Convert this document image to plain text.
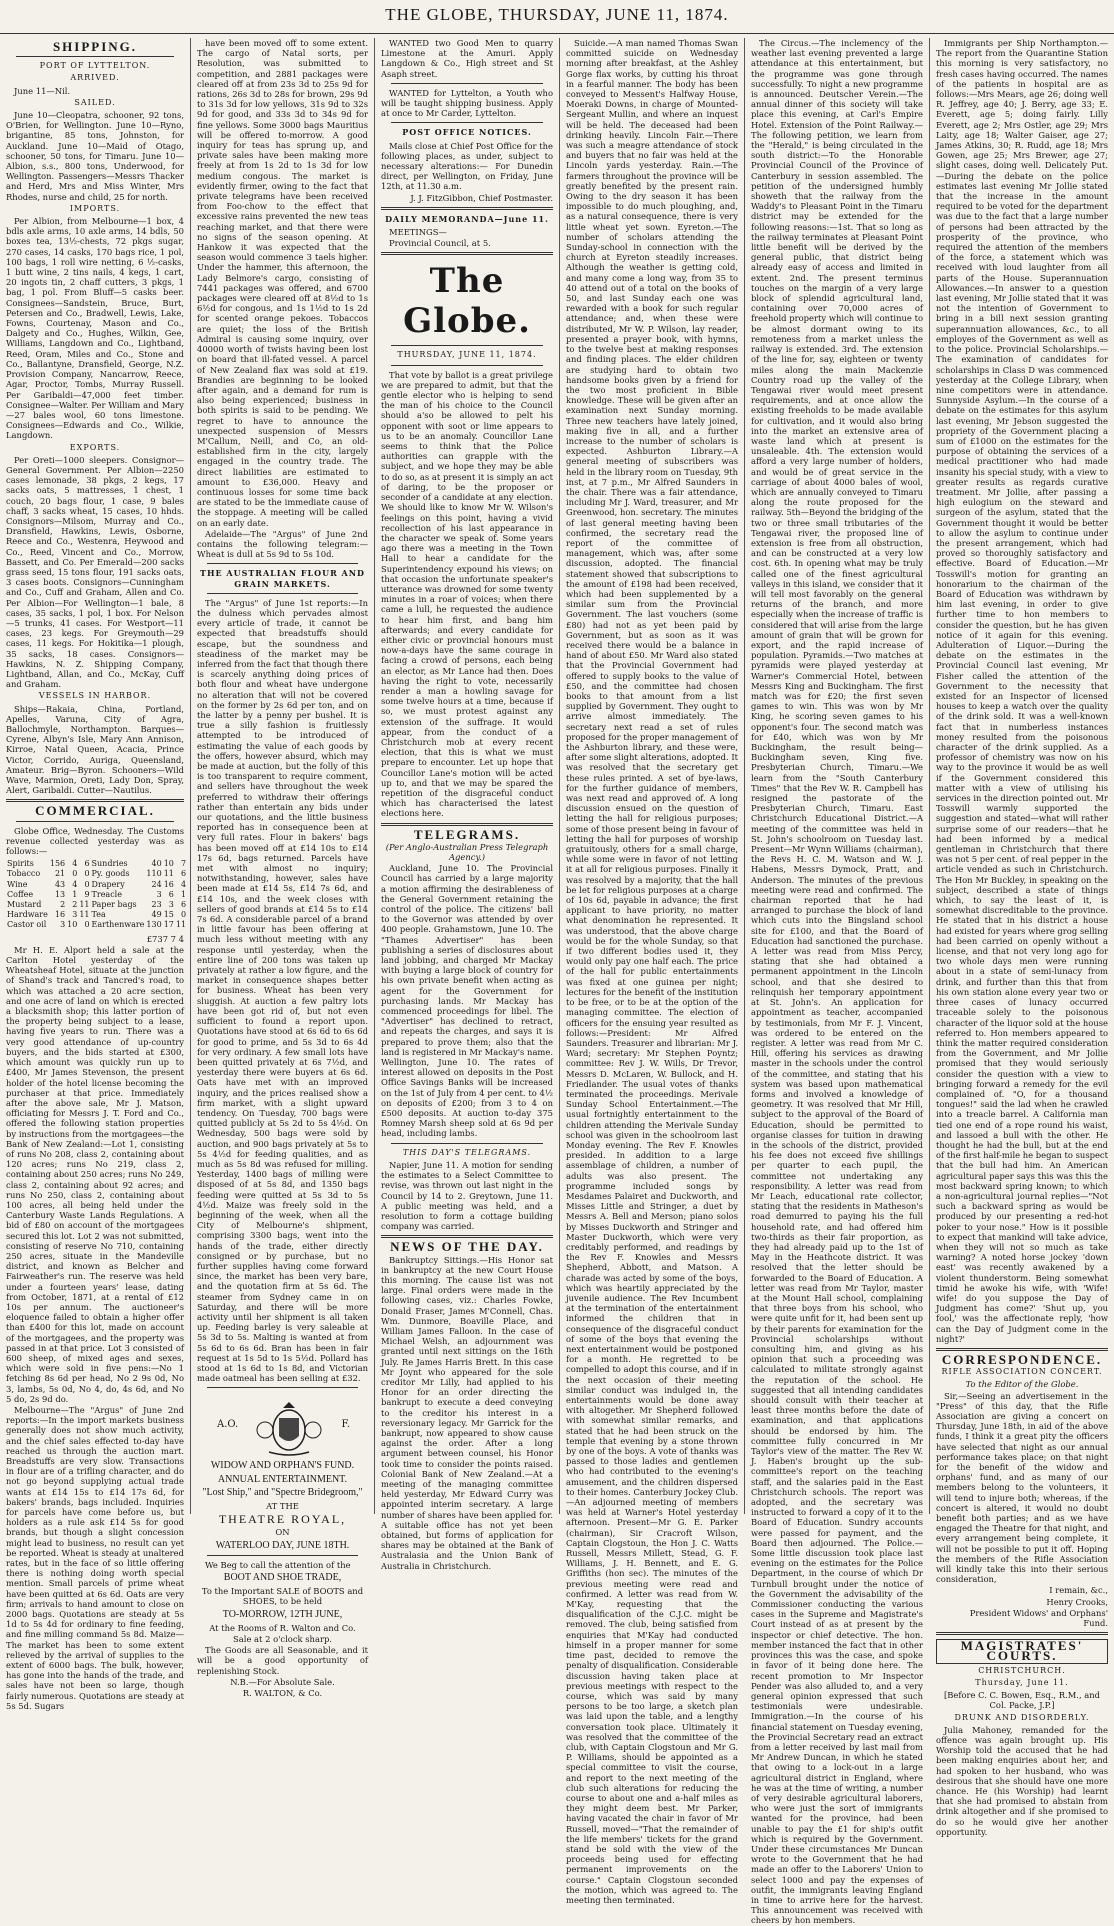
THE GLOBE, THURSDAY, JUNE 11, 1874.
SHIPPING.
PORT OF LYTTELTON.
ARRIVED.

June 11—Nil.

SAILED.

June 10—Cleopatra, schooner, 92 tons, O'Brien, for Wellington. June 10—Ryno, brigantine, 85 tons, Johnston, for Auckland. June 10—Maid of Otago, schooner, 50 tons, for Timaru. June 10—Albion, s.s., 800 tons, Underwood, for Wellington. Passengers—Messrs Thacker and Herd, Mrs and Miss Winter, Mrs Rhodes, nurse and child, 25 for north.

IMPORTS.

Per Albion, from Melbourne—1 box, 4 bdls axle arms, 10 axle arms, 14 bdls, 50 boxes tea, 13½-chests, 72 pkgs sugar, 270 cases, 14 casks, 170 bags rice, 1 pol, 100 bags, 1 roll wire netting, 6 ½-casks, 1 butt wine, 2 tins nails, 4 kegs, 1 cart, 20 ingots tin, 2 chaff cutters, 3 pkgs, 1 bag, 1 pol. From Bluff—5 casks beer. Consignees—Sandstein, Bruce, Burt, Petersen and Co., Bradwell, Lewis, Lake, Fowns, Courtenay, Mason and Co., Dalgety and Co., Hughes, Wilkin, Gee, Williams, Langdown and Co., Lightband, Reed, Oram, Miles and Co., Stone and Co., Ballantyne, Dransfield, George, N.Z. Provision Company, Nancarrow, Reece, Agar, Proctor, Tombs, Murray Russell. Per Garibaldi—47,000 feet timber. Consignee—Walter. Per William and Mary—27 bales wool, 60 tons limestone. Consignees—Edwards and Co., Wilkie, Langdown.

EXPORTS.

Per Oreti—1000 sleepers. Consignor—General Government. Per Albion—2250 cases lemonade, 38 pkgs, 2 kegs, 17 sacks oats, 5 mattresses, 1 chest, 1 couch, 20 bags flour, 1 case, 9 bales chaff, 3 sacks wheat, 15 cases, 10 hhds. Consignors—Milsom, Murray and Co., Dransfield, Hawkins, Lewis, Osborne, Reece and Co., Westenra, Heywood and Co., Reed, Vincent and Co., Morrow, Bassett, and Co. Per Emerald—200 sacks grass seed, 15 tons flour, 191 sacks oats, 3 cases boots. Consignors—Cunningham and Co., Cuff and Graham, Allen and Co. Per Albion—For Wellington—1 bale, 8 cases, 35 sacks, 1 pol, 1 box. For Nelson—5 trunks, 41 cases. For Westport—11 cases, 23 kegs. For Greymouth—29 cases, 11 kegs. For Hokitika—1 plough, 35 sacks, 18 cases. Consignors—Hawkins, N. Z. Shipping Company, Lightband, Allan, and Co., McKay, Cuff and Graham.

VESSELS IN HARBOR.

Ships—Rakaia, China, Portland, Apelles, Varuna, City of Agra, Ballochmyle, Northampton. Barques—Cyrene, Albyn's Isle, Mary Ann Annison, Kirroe, Natal Queen, Acacia, Prince Victor, Corrido, Auriga, Queensland, Amateur. Brig—Byron. Schooners—Wild Wave, Marmion, Oreti, Lady Don, Spray, Alert, Garibaldi. Cutter—Nautilus.

COMMERCIAL.

Globe Office, Wednesday. The Customs revenue collected yesterday was as follows:—

Spirits	156	4	6	Sundries	40	10	7
Tobacco	21	0	0	Py. goods	110	11	6
Wine	43	4	0	Drapery	24	16	4
Coffee	13	1	9	Treacle	3	6	1
Mustard	2	2	11	Paper bags	23	3	6
Hardware	16	3	11	Tea	49	15	0
Castor oil	3	10	0	Earthenware	130	17	11

£737 7 4

Mr H. E. Alport held a sale at the Carlton Hotel yesterday of the Wheatsheaf Hotel, situate at the junction of Shand's track and Tancred's road, to which was attached a 20 acre section, and one acre of land on which is erected a blacksmith shop; this latter portion of the property being subject to a lease, having five years to run. There was a very good attendance of up-country buyers, and the bids started at £300, which amount was quickly run up to £400, Mr James Stevenson, the present holder of the hotel license becoming the purchaser at that price. Immediately after the above sale, Mr J. Matson, officiating for Messrs J. T. Ford and Co., offered the following station properties by instructions from the mortgagees—the Bank of New Zealand:—Lot 1, consisting of runs No 208, class 2, containing about 120 acres; runs No 219, class 2, containing about 250 acres; runs No 249, class 2, containing about 92 acres; and runs No 250, class 2, containing about 100 acres, all being held under the Canterbury Waste Lands Regulations. A bid of £80 on account of the mortgagees secured this lot. Lot 2 was not submitted, consisting of reserve No 710, containing 250 acres, situate in the Mandeville district, and known as Belcher and Fairweather's run. The reserve was held under a fourteen years' lease, dating from October, 1871, at a rental of £12 10s per annum. The auctioneer's eloquence failed to obtain a higher offer than £400 for this lot, made on account of the mortgagees, and the property was passed in at that price. Lot 3 consisted of 600 sheep, of mixed ages and sexes, which were sold in five pens:—No 1 fetching 8s 6d per head, No 2 9s 0d, No 3, lambs, 5s 0d, No 4, do, 4s 6d, and No 5 do, 2s 9d do.

Melbourne—The "Argus" of June 2nd reports:—In the import markets business generally does not show much activity, and the chief sales effected to-day have reached us through the auction mart. Breadstuffs are very slow. Transactions in flour are of a trifling character, and do not go beyond supplying actual trade wants at £14 15s to £14 17s 6d, for bakers' brands, bags included. Inquiries for parcels have come before us, but holders as a rule ask £14 5s for good brands, but though a slight concession might lead to business, no result can yet be reported. Wheat is steady at unaltered rates, but in the face of so little offering there is nothing doing worth special mention. Small parcels of prime wheat have been quitted at 6s 6d. Oats are very firm; arrivals to hand amount to close on 2000 bags. Quotations are steady at 5s 1d to 5s 4d for ordinary to fine feeding, and fine milling command 5s 8d. Maize—The market has been to some extent relieved by the arrival of supplies to the extent of 6000 bags. The bulk, however, has gone into the hands of the trade, and sales have not been so large, though fairly numerous. Quotations are steady at 5s 5d. Sugars

have been moved off to some extent. The cargo of Natal sorts, per Resolution, was submitted to competition, and 2881 packages were cleared off at from 23s 3d to 25s 9d for rations, 26s 3d to 28s for brown, 29s 9d to 31s 3d for low yellows, 31s 9d to 32s 9d for good, and 33s 3d to 34s 9d for fine yellows. Some 3000 bags Mauritius will be offered to-morrow. A good inquiry for teas has sprung up, and private sales have been making more freely at from 1s 2d to 1s 3d for low medium congous. The market is evidently firmer, owing to the fact that private telegrams have been received from Foo-chow to the effect that excessive rains prevented the new teas reaching market, and that there were no signs of the season opening. At Hankow it was expected that the season would commence 3 taels higher. Under the hammer, this afternoon, the Lady Belmore's cargo, consisting of 7441 packages was offered, and 6700 packages were cleared off at 8½d to 1s 6½d for congous, and 1s 1½d to 1s 2d for scented orange pekoes. Tobaccos are quiet; the loss of the British Admiral is causing some inquiry, over 40000 worth of twists having been lost on board that ill-fated vessel. A parcel of New Zealand flax was sold at £19. Brandies are beginning to be looked after again, and a demand for rum is also being experienced; business in both spirits is said to be pending. We regret to have to announce the unexpected suspension of Messrs M'Callum, Neill, and Co, an old-established firm in the city, largely engaged in the country trade. The direct liabilities are estimated to amount to £36,000. Heavy and continuous losses for some time back are stated to be the immediate cause of the stoppage. A meeting will be called on an early date.

Adelaide—The "Argus" of June 2nd contains the following telegram:—Wheat is dull at 5s 9d to 5s 10d.

THE AUSTRALIAN FLOUR AND GRAIN MARKETS.

The "Argus" of June 1st reports:—In the dulness which pervades almost every article of trade, it cannot be expected that breadstuffs should escape, but the soundness and steadiness of the market may be inferred from the fact that though there is scarcely anything doing prices of both flour and wheat have undergone no alteration that will not be covered on the former by 2s 6d per ton, and on the latter by a penny per bushel. It is true a silly fashion is fruitlessly attempted to be introduced of estimating the value of each goods by the offers, however absurd, which may be made at auction, but the folly of this is too transparent to require comment, and sellers have throughout the week preferred to withdraw their offerings rather than entertain any bids under our quotations, and the little business reported has in consequence been at very full rates. Flour in bakers' bags has been moved off at £14 10s to £14 17s 6d, bags returned. Parcels have met with almost no inquiry; notwithstanding, however, sales have been made at £14 5s, £14 7s 6d, and £14 10s, and the week closes with sellers of good brands at £14 5s to £14 7s 6d. A considerable parcel of a brand in little favour has been offering at much less without meeting with any response until yesterday, when the entire line of 200 tons was taken up privately at rather a low figure, and the market in consequence shapes better for business. Wheat has been very sluggish. At auction a few paltry lots have been got rid of, but not even sufficient to found a report upon. Quotations have stood at 6s 6d to 6s 6d for good to prime, and 5s 3d to 6s 4d for very ordinary. A few small lots have been quitted privately at 6s 7½d, and yesterday there were buyers at 6s 6d. Oats have met with an improved inquiry, and the prices realised show a firm market, with a slight upward tendency. On Tuesday, 700 bags were quitted publicly at 5s 2d to 5s 4½d. On Wednesday, 500 bags were sold by auction, and 900 bags privately at 5s to 5s 4½d for feeding qualities, and as much as 5s 8d was refused for milling. Yesterday, 1400 bags of milling were disposed of at 5s 8d, and 1350 bags feeding were quitted at 5s 3d to 5s 4½d. Maize was freely sold in the beginning of the week, when all the City of Melbourne's shipment, comprising 3300 bags, went into the hands of the trade, either directly consigned or by purchase, but no further supplies having come forward since, the market has been very bare, and the quotation firm at 5s 6d. The steamer from Sydney came in on Saturday, and there will be more activity until her shipment is all taken up. Feeding barley is very saleable at 5s 3d to 5s. Malting is wanted at from 5s 6d to 6s 6d. Bran has been in fair request at 1s 5d to 1s 5½d. Pollard has stood at 1s 6d to 1s 8d, and Victorian made oatmeal has been selling at £32.

A.O.	F.

WIDOW AND ORPHAN'S FUND.

ANNUAL ENTERTAINMENT.

"Lost Ship," and "Spectre Bridegroom,"

AT THE

THEATRE ROYAL,

ON

WATERLOO DAY, JUNE 18TH.

We Beg to call the attention of the

BOOT AND SHOE TRADE,

To the Important SALE of BOOTS and SHOES, to be held

TO-MORROW, 12TH JUNE,

At the Rooms of R. Walton and Co.

Sale at 2 o'clock sharp.

The Goods are all Seasonable, and it will be a good opportunity of replenishing Stock.

N.B.—For Absolute Sale.

R. WALTON, & Co.

WANTED two Good Men to quarry Limestone at the Amuri. Apply Langdown & Co., High street and St Asaph street.

WANTED for Lyttelton, a Youth who will be taught shipping business. Apply at once to Mr Carder, Lyttelton.

POST OFFICE NOTICES.

Mails close at Chief Post Office for the following places, as under, subject to necessary alterations:— For Dunedin direct, per Wellington, on Friday, June 12th, at 11.30 a.m.

J. J. FitzGibbon, Chief Postmaster.

DAILY MEMORANDA—June 11.

MEETINGS—

Provincial Council, at 5.

The Globe.
THURSDAY, JUNE 11, 1874.

That vote by ballot is a great privilege we are prepared to admit, but that the gentle elector who is helping to send the man of his choice to the Council should a'so be allowed to pelt his opponent with soot or lime appears to us to be an anomaly. Councillor Lane seems to think that the Police authorities can grapple with the subject, and we hope they may be able to do so, as at present it is simply an act of daring, to be the proposer or seconder of a candidate at any election. We should like to know Mr W. Wilson's feelings on this point, having a vivid recollection of his last appearance in the character we speak of. Some years ago there was a meeting in the Town Hall to hear a candidate for the Superintendency expound his views; on that occasion the unfortunate speaker's utterance was drowned for some twenty minutes in a roar of voices; when there came a lull, he requested the audience to hear him first, and bang him afterwards; and every candidate for either civic or provincial honours must now-a-days have the same courage in facing a crowd of persons, each being an elector, as Mr Lance had then. Does having the right to vote, necessarily render a man a howling savage for some twelve hours at a time, because if so, we must protest against any extension of the suffrage. It would appear, from the conduct of a Christchurch mob at every recent election, that this is what we must prepare to encounter. Let up hope that Councillor Lane's motion will be acted up to, and that we may be spared the repetition of the disgraceful conduct which has characterised the latest elections here.

TELEGRAMS.

(Per Anglo-Australian Press Telegraph Agency.)

Auckland, June 10. The Provincial Council has carried by a large majority a motion affirming the desirableness of the General Government retaining the control of the police. The citizens' ball to the Governor was attended by over 400 people. Grahamstown, June 10. The "Thames Advertiser" has been publishing a series of disclosures about land jobbing, and charged Mr Mackay with buying a large block of country for his own private benefit when acting as agent for the Government for purchasing lands. Mr Mackay has commenced proceedings for libel. The "Advertiser" has declined to retract, and repeats the charges, and says it is prepared to prove them; also that the land is registered in Mr Mackay's name. Wellington, June 10. The rates of interest allowed on deposits in the Post Office Savings Banks will be increased on the 1st of July from 4 per cent. to 4½ on deposits of £200; from 3 to 4 on £500 deposits. At auction to-day 375 Romney Marsh sheep sold at 6s 9d per head, including lambs.

THIS DAY'S TELEGRAMS.

Napier, June 11. A motion for sending the estimates to a Select Committee to revise, was thrown out last night in the Council by 14 to 2. Greytown, June 11. A public meeting was held, and a resolution to form a cottage building company was carried.

NEWS OF THE DAY.

Bankruptcy Sittings.—His Honor sat in bankruptcy at the new Court House this morning. The cause list was not large. Final orders were made in the following cases, viz.: Charles Fowke, Donald Fraser, James M'Connell, Chas. Wm. Dunmore, Boaville Place, and William James Falloon. In the case of Michael Welsh, an adjournment was granted until next sittings on the 16th July. Re James Harris Brett. In this case Mr Joynt who appeared for the sole creditor Mr Lilly, had applied to his Honor for an order directing the bankrupt to execute a deed conveying to the creditor his interest in a reversionary legacy. Mr Garrick for the bankrupt, now appeared to show cause against the order. After a long argument between counsel, his Honor took time to consider the points raised. Colonial Bank of New Zealand.—At a meeting of the managing committee held yesterday, Mr Edward Curry was appointed interim secretary. A large number of shares have been applied for. A suitable office has not yet been obtained, but forms of application for shares may be obtained at the Bank of Australasia and the Union Bank of Australia in Christchurch.

Suicide.—A man named Thomas Swan committed suicide on Wednesday morning after breakfast, at the Ashley Gorge flax works, by cutting his throat in a fearful manner. The body has been conveyed to Messent's Halfway House, Moeraki Downs, in charge of Mounted-Sergeant Mullin, and where an inquest will be held. The deceased had been drinking heavily. Lincoln Fair.—There was such a meagre attendance of stock and buyers that no fair was held at the Lincoln yards yesterday. Rain.—The farmers throughout the province will be greatly benefited by the present rain. Owing to the dry season it has been impossible to do much ploughing, and, as a natural consequence, there is very little wheat yet sown. Eyreton.—The number of scholars attending the Sunday-school in connection with the church at Eyreton steadily increases. Although the weather is getting cold, and many come a long way, from 35 to 40 attend out of a total on the books of 50, and last Sunday each one was rewarded with a book for such regular attendance; and, when these were distributed, Mr W. P. Wilson, lay reader, presented a prayer book, with hymns, to the twelve best at making responses and finding places. The elder children are studying hard to obtain two handsome books given by a friend for the two most proficient in Bible knowledge. These will be given after an examination next Sunday morning. Three new teachers have lately joined, making five in all, and a further increase to the number of scholars is expected. Ashburton Library.—A general meeting of subscribers was held in the library room on Tuesday, 9th inst, at 7 p.m., Mr Alfred Saunders in the chair. There was a fair attendance, including Mr J. Ward, treasurer, and Mr Greenwood, hon. secretary. The minutes of last general meeting having been confirmed, the secretary read the report of the committee of management, which was, after some discussion, adopted. The financial statement showed that subscriptions to the amount of £198 had been received, which had been supplemented by a similar sum from the Provincial Government. The last vouchers (some £80) had not as yet been paid by Government, but as soon as it was received there would be a balance in hand of about £50. Mr Ward also stated that the Provincial Government had offered to supply books to the value of £50, and the committee had chosen books to that amount from a list supplied by Government. They ought to arrive almost immediately. The secretary next read a set of rules proposed for the proper management of the Ashburton library, and these were, after some slight alterations, adopted. It was resolved that the secretary get these rules printed. A set of bye-laws, for the further guidance of members, was next read and approved of. A long discussion ensued on the question of letting the hall for religious purposes; some of those present being in favour of letting the hall for purposes of worship gratuitously, others for a small charge, while some were in favor of not letting it at all for religious purposes. Finally it was resolved by a majority, that the hall be let for religious purposes at a charge of 10s 6d, payable in advance; the first applicant to have priority, no matter what denomination he represented. It was understood, that the above charge would be for the whole Sunday, so that if two different bodies used it, they would only pay one half each. The price of the hall for public entertainments was fixed at one guinea per night; lectures for the benefit of the institution to be free, or to be at the option of the managing committee. The election of officers for the ensuing year resulted as follows:—President: Mr Alfred Saunders. Treasurer and librarian: Mr J. Ward; secretary: Mr Stephen Poyntz; committee: Rev J. W. Wills, Dr Trevor, Messrs D. McLaren, W. Bullock, and H. Friedlander. The usual votes of thanks terminated the proceedings. Merivale Sunday School Entertainment.—The usual fortnightly entertainment to the children attending the Merivale Sunday school was given in the schoolroom last Monday evening. The Rev F. Knowles presided. In addition to a large assemblage of children, a number of adults was also present. The programme included songs by Mesdames Palairet and Duckworth, and Misses Little and Stringer, a duet by Messrs A. Bell and Merson; piano solos by Misses Duckworth and Stringer and Master Duckworth, which were very creditably performed, and readings by the Rev F. Knowles and Messrs Shepherd, Abbott, and Matson. A charade was acted by some of the boys, which was heartily appreciated by the juvenile audience. The Rev Incumbent at the termination of the entertainment informed the children that in consequence of the disgraceful conduct of some of the boys that evening the next entertainment would be postponed for a month. He regretted to be compelled to adopt this course, and if in the next occasion of their meeting similar conduct was indulged in, the entertainments would be done away with altogether. Mr Shepherd followed with somewhat similar remarks, and stated that he had been struck on the temple that evening by a stone thrown by one of the boys. A vote of thanks was passed to those ladies and gentlemen who had contributed to the evening's amusement, and the children dispersed to their homes. Canterbury Jockey Club.—An adjourned meeting of members was held at Warner's Hotel yesterday afternoon. Present—Mr G. E. Parker (chairman), Sir Cracroft Wilson, Captain Clogstoun, the Hon J. C. Watts Russell, Messrs Millett, Stead, G. F. Williams, J. H. Bennett, and E. G. Griffiths (hon sec). The minutes of the previous meeting were read and confirmed. A letter was read from W. M'Kay, requesting that the disqualification of the C.J.C. might be removed. The club, being satisfied from enquiries that M'Kay had conducted himself in a proper manner for some time past, decided to remove the penalty of disqualification. Considerable discussion having taken place at previous meetings with respect to the course, which was said by many persons to be too large, a sketch plan was laid upon the table, and a lengthy conversation took place. Ultimately it was resolved that the committee of the club, with Captain Clogstoun and Mr G. P. Williams, should be appointed as a special committee to visit the course, and report to the next meeting of the club such alterations for reducing the course to about one and a-half miles as they might deem best. Mr Parker, having vacated the chair in favor of Mr Russell, moved—"That the remainder of the life members' tickets for the grand stand be sold with the view of the proceeds being used for effecting permanent improvements on the course." Captain Clogstoun seconded the motion, which was agreed to. The meeting then terminated.

The Circus.—The inclemency of the weather last evening prevented a large attendance at this entertainment, but the programme was gone through successfully. To night a new programme is announced. Deutscher Verein.—The annual dinner of this society will take place this evening, at Carl's Empire Hotel. Extension of the Point Railway.—The following petition, we learn from the "Herald," is being circulated in the south district:—To the Honorable Provincial Council of the Province of Canterbury in session assembled. The petition of the undersigned humbly showeth that the railway from the Waddy's to Pleasant Point in the Timaru district may be extended for the following reasons:—1st. That so long as the railway terminates at Pleasant Point little benefit will be derived by the general public, that district being already easy of access and limited in extent. 2nd. The present terminus touches on the margin of a very large block of splendid agricultural land, containing over 70,000 acres of freehold property which will continue to be almost dormant owing to its remoteness from a market unless the railway is extended. 3rd. The extension of the line for, say, eighteen or twenty miles along the main Mackenzie Country road up the valley of the Tengawai river would meet present requirements, and at once allow the existing freeholds to be made available for cultivation, and it would also bring into the market an extensive area of waste land which at present is unsaleable. 4th. The extension would afford a very large number of holders, and would be of great service in the carriage of about 4000 bales of wool, which are annually conveyed to Timaru along the route proposed for the railway. 5th—Beyond the bridging of the two or three small tributaries of the Tengawai river, the proposed line of extension is free from all obstruction, and can be constructed at a very low cost. 6th. In opening what may be truly called one of the finest agricultural valleys in this island, we consider that it will tell most favorably on the general returns of the branch, and more especially when the increase of traffic is considered that will arise from the large amount of grain that will be grown for export, and the rapid increase of population. Pyramids.—Two matches at pyramids were played yesterday at Warner's Commercial Hotel, between Messrs King and Buckingham. The first match was for £20; the first seven games to win. This was won by Mr King, he scoring seven games to his opponent's four. The second match was for £40, which was won by Mr Buckingham, the result being—Buckingham seven, King five. Presbyterian Church, Timaru.—We learn from the "South Canterbury Times" that the Rev W. R. Campbell has resigned the pastorate of the Presbyterian Church, Timaru. East Christchurch Educational District.—A meeting of the committee was held in St. John's schoolroom on Tuesday last. Present—Mr Wynn Williams (chairman), the Revs H. C. M. Watson and W. J. Habens, Messrs Dymock, Pratt, and Anderson. The minutes of the previous meeting were read and confirmed. The chairman reported that he had arranged to purchase the block of land which cuts into the Bingsland school site for £100, and that the Board of Education had sanctioned the purchase. A letter was read from Miss Percy, stating that she had obtained a permanent appointment in the Lincoln school, and that she desired to relinquish her temporary appointment at St. John's. An application for appointment as teacher, accompanied by testimonials, from Mr F. J. Vincent, was ordered to be entered on the register. A letter was read from Mr C. Hill, offering his services as drawing master in the schools under the control of the committee, and stating that his system was based upon mathematical forms and involved a knowledge of geometry. It was resolved that Mr Hill, subject to the approval of the Board of Education, should be permitted to organise classes for tuition in drawing in the schools of the district, provided his fee does not exceed five shillings per quarter to each pupil, the committee not undertaking any responsibility. A letter was read from Mr Leach, educational rate collector, stating that the residents in Matheson's road demurred to paying his the full household rate, and had offered him two-thirds as their fair proportion, as they had already paid up to the 1st of May in the Heathcote district. It was resolved that the letter should be forwarded to the Board of Education. A letter was read from Mr Taylor, master at the Mount Hall school, complaining that three boys from his school, who were quite unfit for it, had been sent up by their parents for examination for the Provincial scholarships without consulting him, and giving as his opinion that such a proceeding was calculated to militate strongly against the reputation of the school. He suggested that all intending candidates should consult with their teacher at least three months before the date of examination, and that applications should be endorsed by him. The committee fully concurred in Mr Taylor's view of the matter. The Rev W. J. Haben's brought up the sub-committee's report on the teaching staff, and the salaries paid in the East Christchurch schools. The report was adopted, and the secretary was instructed to forward a copy of it to the Board of Education. Sundry accounts were passed for payment, and the Board then adjourned. The Police.—Some little discussion took place last evening on the estimates for the Police Department, in the course of which Dr Turnbull brought under the notice of the Government the advisability of the Commissioner conducting the various cases in the Supreme and Magistrate's Court instead of as at present by the inspector or chief detective. The hon. member instanced the fact that in other provinces this was the case, and spoke in favor of it being done here. The recent promotion to Mr Inspector Pender was also alluded to, and a very general opinion expressed that such testimonials were undesirable. Immigration.—In the course of his financial statement on Tuesday evening, the Provincial Secretary read an extract from a letter received by last mail from Mr Andrew Duncan, in which he stated that owing to a lock-out in a large agricultural district in England, where he was at the time of writing, a number of very desirable agricultural laborers, who were just the sort of immigrants wanted for the province, had been unable to pay the £1 for ship's outfit which is required by the Government. Under these circumstances Mr Duncan wrote to the Government that he had made an offer to the Laborers' Union to select 1000 and pay the expenses of outfit, the immigrants leaving England in time to arrive here for the harvest. This announcement was received with cheers by hon members.

Immigrants per Ship Northampton.—The report from the Quarantine Station this morning is very satisfactory, no fresh cases having occurred. The names of the patients in hospital are as follows:—Mrs Mears, age 26; doing well R. Jeffrey, age 40; J. Berry, age 33; E. Everett, age 5; doing fairly. Lilly Everett, age 2; Mrs Ostler, age 29; Mrs Laity, age 18; Walter Gaiser, age 27; James Atkins, 30; R. Rudd, age 18; Mrs Gowen, age 25; Mrs Brewer, age 27; slight cases, doing well. Delicately Put.—During the debate on the police estimates last evening Mr Jollie stated that the increase in the amount required to be voted for the department was due to the fact that a large number of persons had been attracted by the prosperity of the province, who required the attention of the members of the force, a statement which was received with loud laughter from all parts of the House. Superannuation Allowances.—In answer to a question last evening, Mr Jollie stated that it was not the intention of Government to bring in a bill next session granting superannuation allowances, &c., to all employes of the Government as well as to the police. Provincial Scholarships.—The examination of candidates for scholarships in Class D was commenced yesterday at the College Library, when nine competitors were in attendance. Sunnyside Asylum.—In the course of a debate on the estimates for this asylum last evening, Mr Jebson suggested the propriety of the Government placing a sum of £1000 on the estimates for the purpose of obtaining the services of a medical practitioner who had made insanity his special study, with a view to greater results as regards curative treatment. Mr Jollie, after passing a high eulogium on the steward and surgeon of the asylum, stated that the Government thought it would be better to allow the asylum to continue under the present arrangement, which had proved so thoroughly satisfactory and effective. Board of Education.—Mr Tosswill's motion for granting an honorarium to the chairman of the Board of Education was withdrawn by him last evening, in order to give further time to hon members to consider the question, but he has given notice of it again for this evening. Adulteration of Liquor.—During the debate on the estimates in the Provincial Council last evening, Mr Fisher called the attention of the Government to the necessity that existed for an Inspector of licensed houses to keep a watch over the quality of the drink sold. It was a well-known fact that in numberless instances money resulted from the poisonous character of the drink supplied. As a professor of chemistry was now on his way to the province it would be as well if the Government considered this matter with a view of utilising his services in the direction pointed out. Mr Tosswill warmly supported the suggestion and stated—what will rather surprise some of our readers—that he had been informed by a medical gentleman in Christchurch that there was not 5 per cent. of real pepper in the article vended as such in Christchurch. The Hon Mr Buckley, in speaking on the subject, described a state of things which, to say the least of it, is somewhat discreditable to the province. He stated that in his district a house had existed for years where grog selling had been carried on openly without a license, and that not very long ago for two whole days men were running about in a state of semi-lunacy from drink, and further than this that from his own station alone every year two or three cases of lunacy occurred traceable solely to the poisonous character of the liquor sold at the house referred to. Hon members appeared to think the matter required consideration from the Government, and Mr Jollie promised that they would seriously consider the question with a view to bringing forward a remedy for the evil complained of. "O, for a thousand tongues!" said the lad when he crawled into a treacle barrel. A California man tied one end of a rope round his waist, and lassoed a bull with the other. He thought he had the bull, but at the end of the first half-mile he began to suspect that the bull had him. An American agricultural paper says this was this the most backward spring known; to which a non-agricultural journal replies—"Not such a backward spring as would be produced by our presenting a red-hot poker to your nose." How is it possible to expect that mankind will take advice, when they will not so much as take warning? A noted horse jockey 'down east' was recently awakened by a violent thunderstorm. Being somewhat timid he awoke his wife, with 'Wife! wife! do you suppose the Day of Judgment has come?' 'Shut up, you fool,' was the affectionate reply, 'how can the Day of Judgment come in the night?'

CORRESPONDENCE.
RIFLE ASSOCIATION CONCERT.

To the Editor of the Globe.

Sir,—Seeing an advertisement in the "Press" of this day, that the Rifle Association are giving a concert on Thursday, June 18th, in aid of the above funds, I think it a great pity the officers have selected that night as our annual performance takes place; on that night for the benefit of the widow and orphans' fund, and as many of our members belong to the volunteers, it will tend to injure both; whereas, if the concert is altered, it would no doubt benefit both parties; and as we have engaged the Theatre for that night, and every arrangement being complete, it will not be possible to put it off. Hoping the members of the Rifle Association will kindly take this into their serious consideration,

I remain, &c.,

Henry Crooks,

President Widows' and Orphans' Fund.

MAGISTRATES' COURTS.
CHRISTCHURCH.
Thursday, June 11.

[Before C. C. Bowen, Esq., R.M., and Col. Packe, J.P.]

DRUNK AND DISORDERLY.

Julia Mahoney, remanded for the offence was again brought up. His Worship told the accused that he had been making enquiries about her, and had spoken to her husband, who was desirous that she should have one more chance. He (his Worship) had learnt that she had promised to abstain from drink altogether and if she promised to do so he would give her another opportunity.
